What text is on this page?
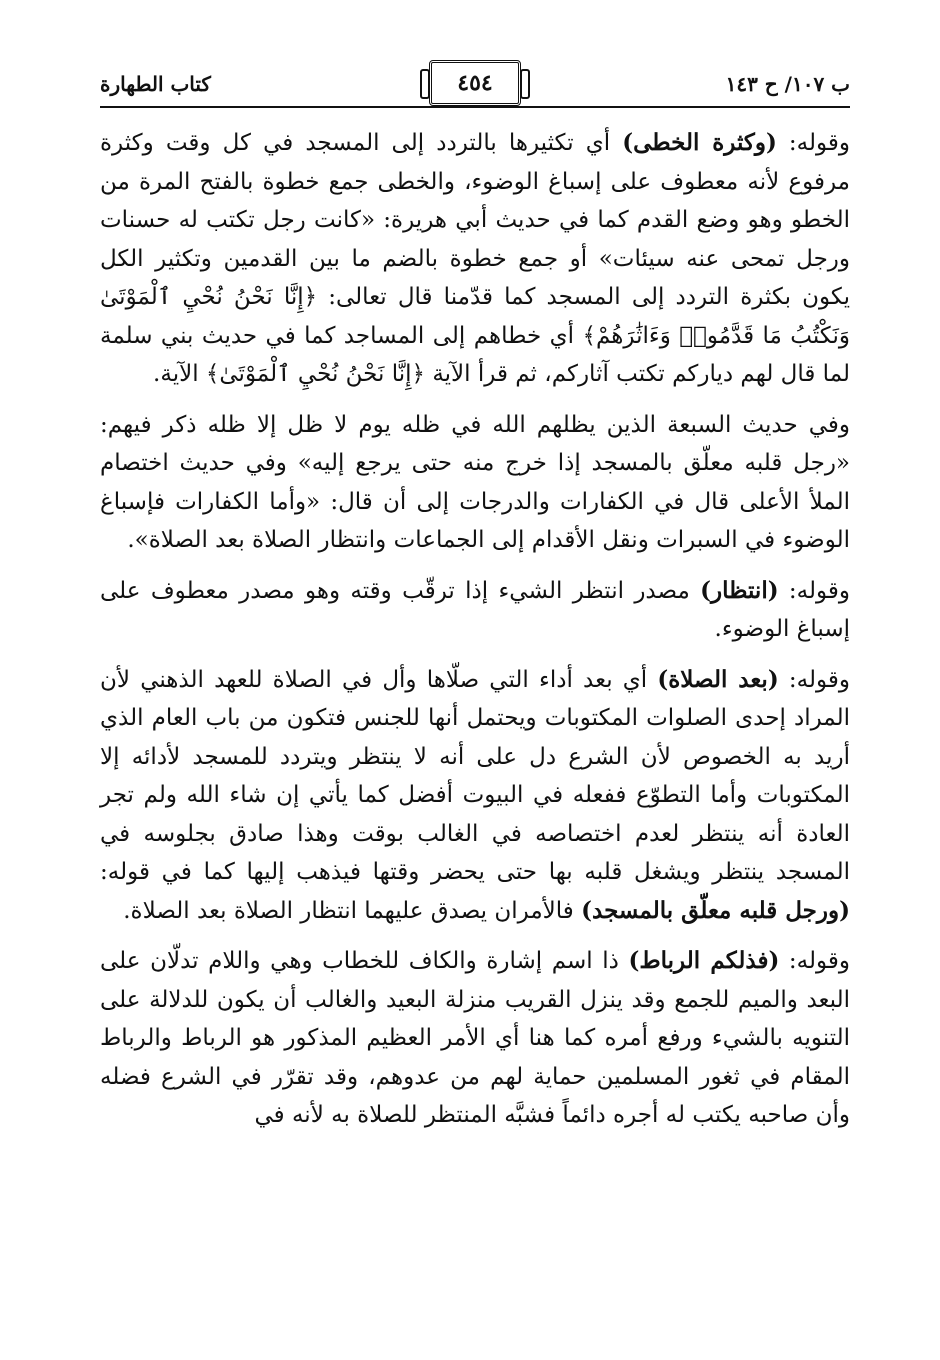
ب ١٠٧/ ح ١٤٣
٤٥٤
كتاب الطهارة

وقوله: (وكثرة الخطى) أي تكثيرها بالتردد إلى المسجد في كل وقت وكثرة مرفوع لأنه معطوف على إسباغ الوضوء، والخطى جمع خطوة بالفتح المرة من الخطو وهو وضع القدم كما في حديث أبي هريرة: «كانت رجل تكتب له حسنات ورجل تمحى عنه سيئات» أو جمع خطوة بالضم ما بين القدمين وتكثير الكل يكون بكثرة التردد إلى المسجد كما قدّمنا قال تعالى: ﴿إِنَّا نَحْنُ نُحْيِ ٱلْمَوْتَىٰ وَنَكْتُبُ مَا قَدَّمُوا۟ وَءَاثَٰرَهُمْ﴾ أي خطاهم إلى المساجد كما في حديث بني سلمة لما قال لهم دياركم تكتب آثاركم، ثم قرأ الآية ﴿إِنَّا نَحْنُ نُحْيِ ٱلْمَوْتَىٰ﴾ الآية.

وفي حديث السبعة الذين يظلهم الله في ظله يوم لا ظل إلا ظله ذكر فيهم: «رجل قلبه معلّق بالمسجد إذا خرج منه حتى يرجع إليه» وفي حديث اختصام الملأ الأعلى قال في الكفارات والدرجات إلى أن قال: «وأما الكفارات فإسباغ الوضوء في السبرات ونقل الأقدام إلى الجماعات وانتظار الصلاة بعد الصلاة».

وقوله: (انتظار) مصدر انتظر الشيء إذا ترقّب وقته وهو مصدر معطوف على إسباغ الوضوء.

وقوله: (بعد الصلاة) أي بعد أداء التي صلّاها وأل في الصلاة للعهد الذهني لأن المراد إحدى الصلوات المكتوبات ويحتمل أنها للجنس فتكون من باب العام الذي أريد به الخصوص لأن الشرع دل على أنه لا ينتظر ويتردد للمسجد لأدائه إلا المكتوبات وأما التطوّع ففعله في البيوت أفضل كما يأتي إن شاء الله ولم تجر العادة أنه ينتظر لعدم اختصاصه في الغالب بوقت وهذا صادق بجلوسه في المسجد ينتظر ويشغل قلبه بها حتى يحضر وقتها فيذهب إليها كما في قوله: (ورجل قلبه معلّق بالمسجد) فالأمران يصدق عليهما انتظار الصلاة بعد الصلاة.

وقوله: (فذلكم الرباط) ذا اسم إشارة والكاف للخطاب وهي واللام تدلّان على البعد والميم للجمع وقد ينزل القريب منزلة البعيد والغالب أن يكون للدلالة على التنويه بالشيء ورفع أمره كما هنا أي الأمر العظيم المذكور هو الرباط والرباط المقام في ثغور المسلمين حماية لهم من عدوهم، وقد تقرّر في الشرع فضله وأن صاحبه يكتب له أجره دائماً فشبَّه المنتظر للصلاة به لأنه في
